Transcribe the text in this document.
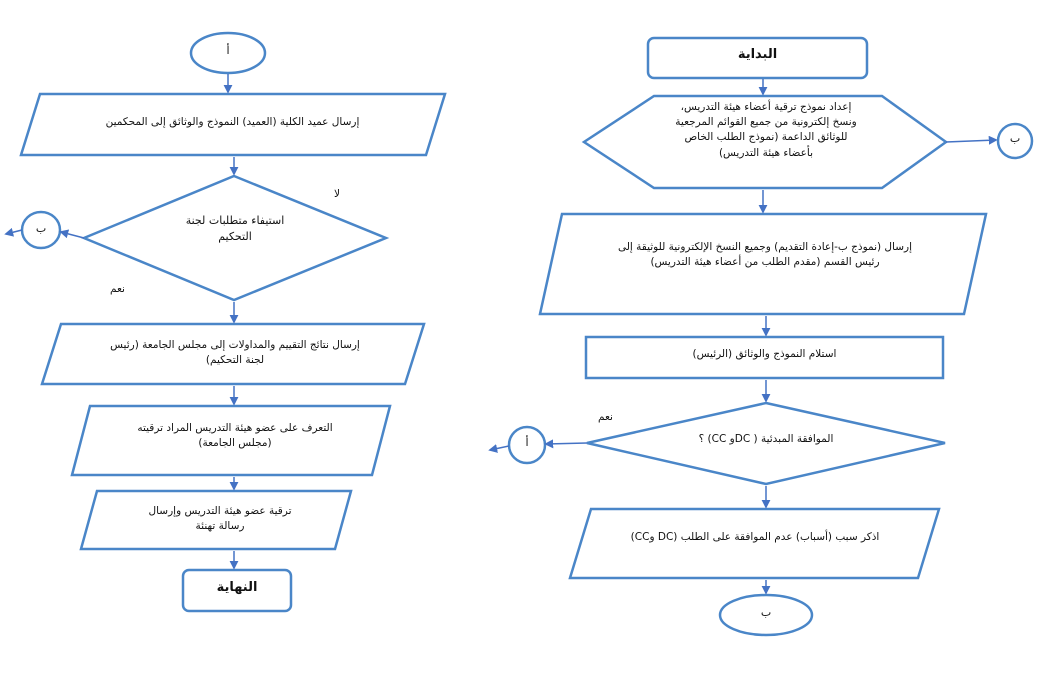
البداية
إعداد نموذج ترقية أعضاء هيئة التدريس،
ونسخ إلكترونية من جميع القوائم المرجعية
للوثائق الداعمة (نموذج الطلب الخاص
بأعضاء هيئة التدريس)
ب
إرسال (نموذج ب-إعادة التقديم) وجميع النسخ الإلكترونية للوثيقة إلى
رئيس القسم (مقدم الطلب من أعضاء هيئة التدريس)
استلام النموذج والوثائق (الرئيس)
الموافقة المبدئية ( DCو CC) ؟
نعم
أ
اذكر سبب (أسباب) عدم الموافقة على الطلب (DC وCC)
ب
أ
إرسال عميد الكلية (العميد) النموذج والوثائق إلى المحكمين
استيفاء متطلبات لجنة
التحكيم
لا
نعم
ب
إرسال نتائج التقييم والمداولات إلى مجلس الجامعة (رئيس
لجنة التحكيم)
التعرف على عضو هيئة التدريس المراد ترقيته
(مجلس الجامعة)
ترقية عضو هيئة التدريس وإرسال
رسالة تهنئة
النهاية
